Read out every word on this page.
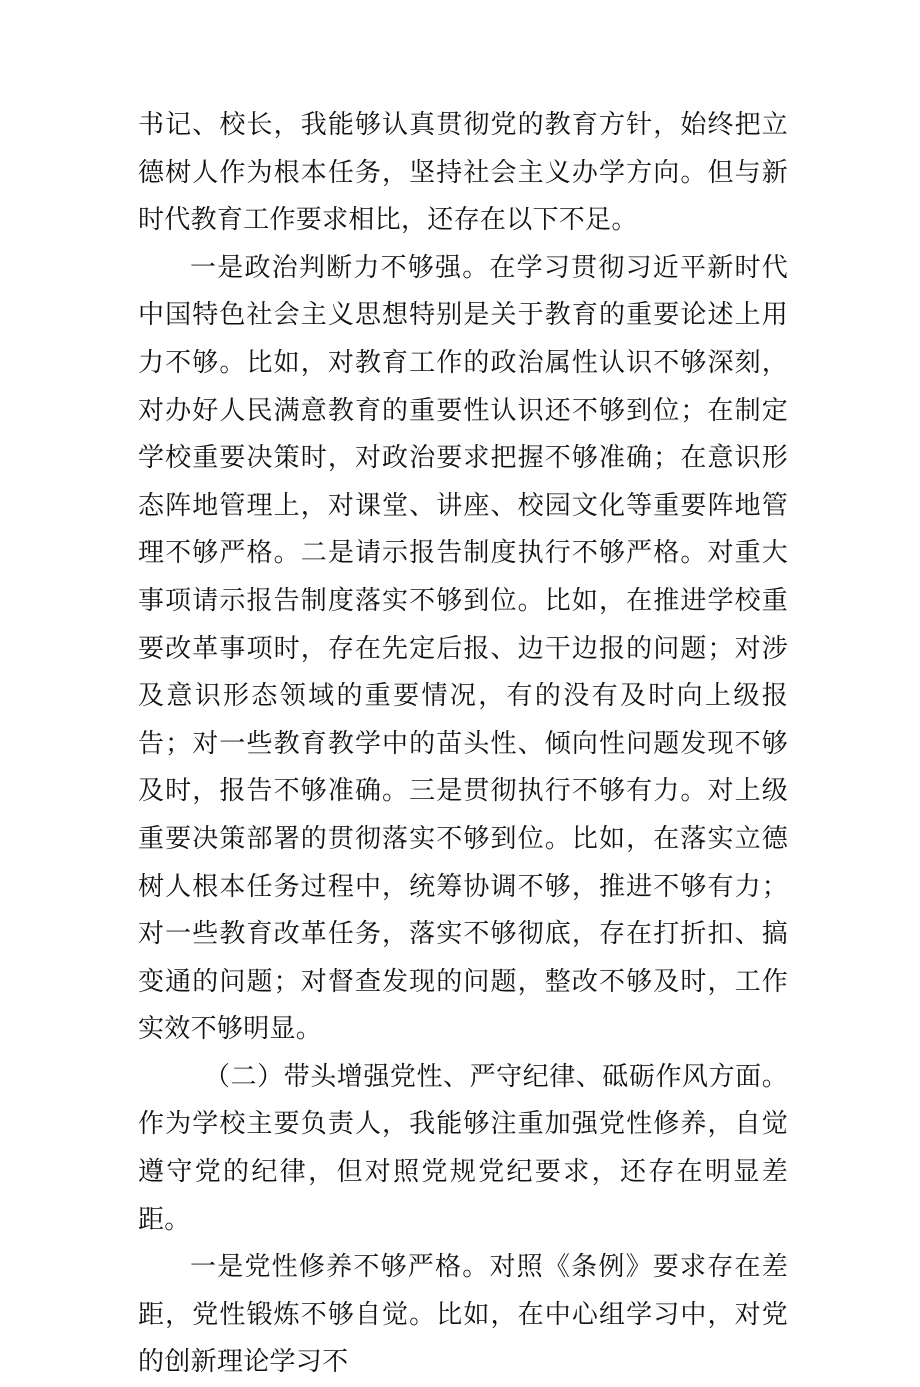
书记、校长，我能够认真贯彻党的教育方针，始终把立德树人作为根本任务，坚持社会主义办学方向。但与新时代教育工作要求相比，还存在以下不足。

一是政治判断力不够强。在学习贯彻习近平新时代中国特色社会主义思想特别是关于教育的重要论述上用力不够。比如，对教育工作的政治属性认识不够深刻，对办好人民满意教育的重要性认识还不够到位；在制定学校重要决策时，对政治要求把握不够准确；在意识形态阵地管理上，对课堂、讲座、校园文化等重要阵地管理不够严格。二是请示报告制度执行不够严格。对重大事项请示报告制度落实不够到位。比如，在推进学校重要改革事项时，存在先定后报、边干边报的问题；对涉及意识形态领域的重要情况，有的没有及时向上级报告；对一些教育教学中的苗头性、倾向性问题发现不够及时，报告不够准确。三是贯彻执行不够有力。对上级重要决策部署的贯彻落实不够到位。比如，在落实立德树人根本任务过程中，统筹协调不够，推进不够有力；对一些教育改革任务，落实不够彻底，存在打折扣、搞变通的问题；对督查发现的问题，整改不够及时，工作实效不够明显。

（二）带头增强党性、严守纪律、砥砺作风方面。作为学校主要负责人，我能够注重加强党性修养，自觉遵守党的纪律，但对照党规党纪要求，还存在明显差距。

一是党性修养不够严格。对照《条例》要求存在差距，党性锻炼不够自觉。比如，在中心组学习中，对党的创新理论学习不
